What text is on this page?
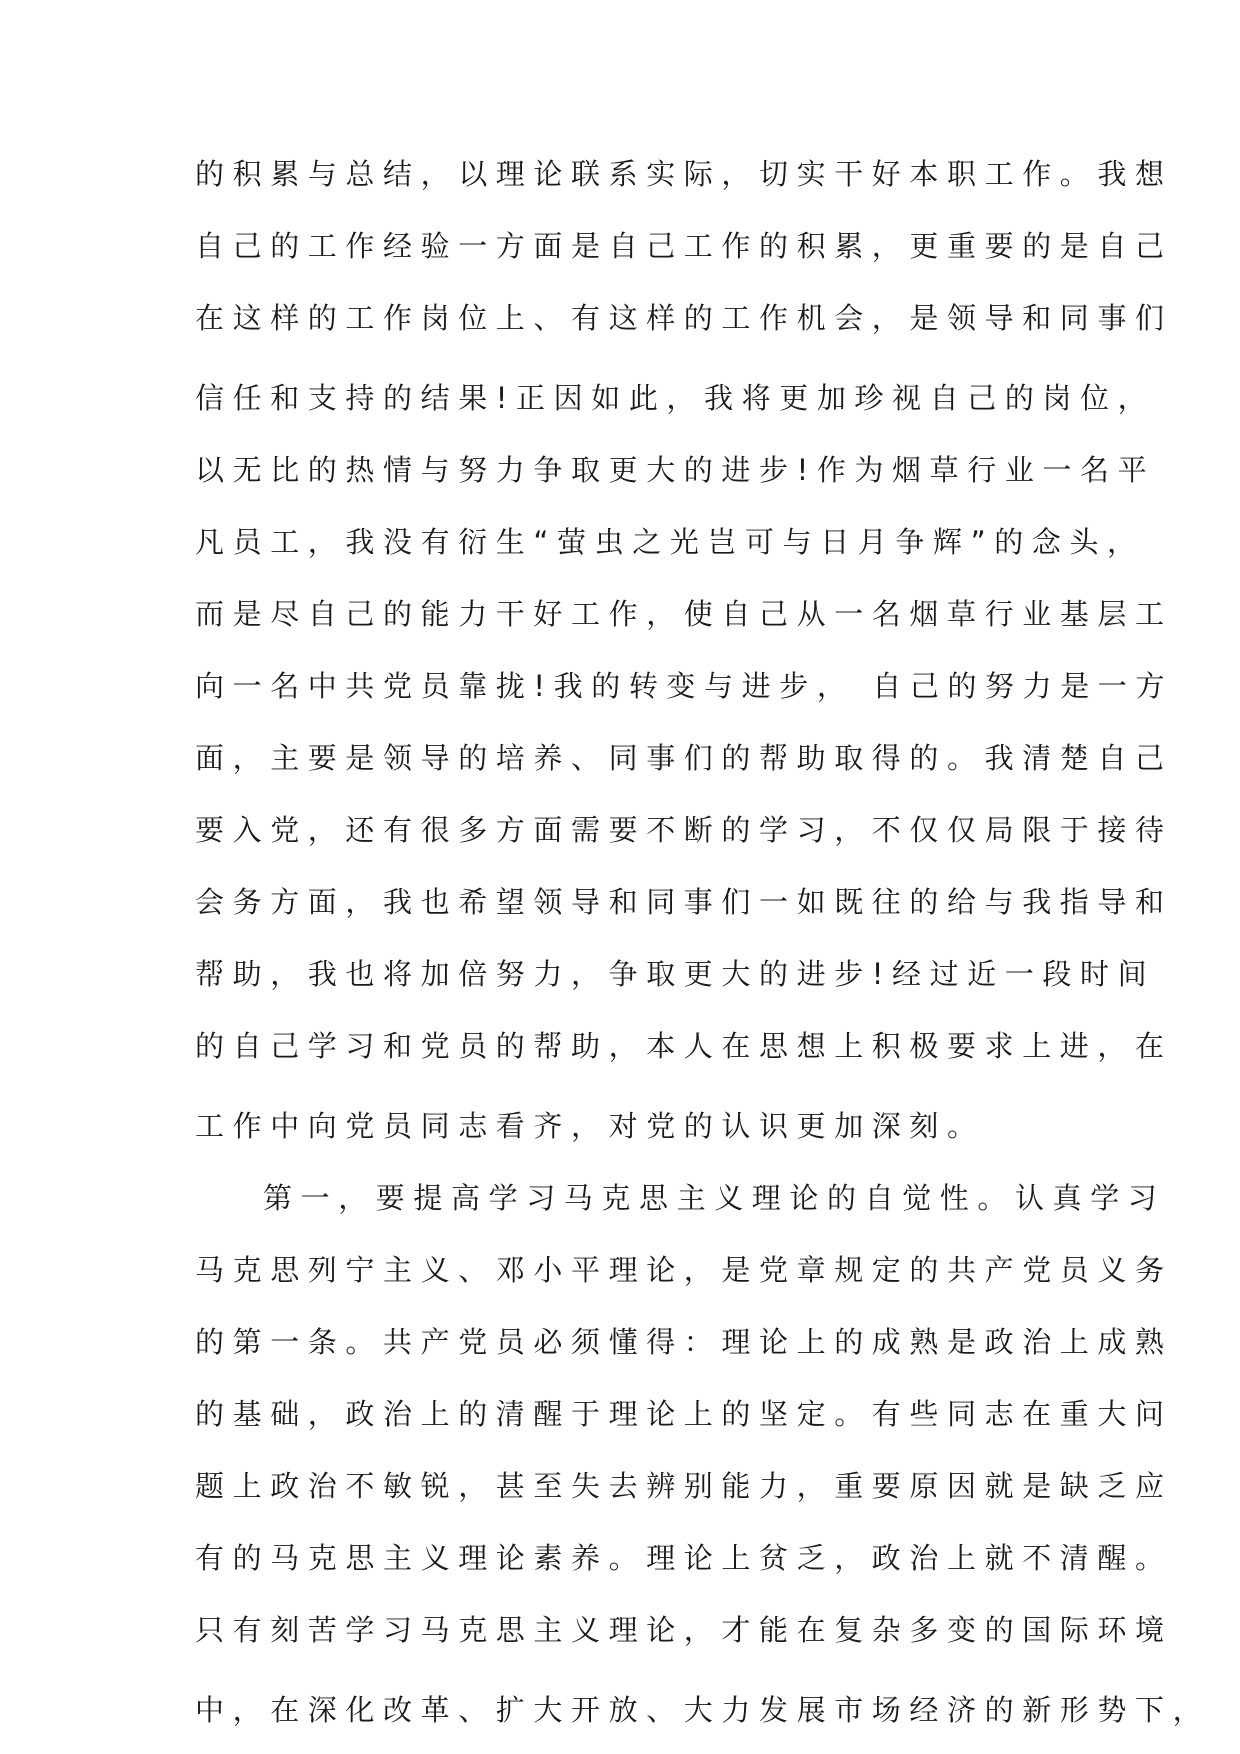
的积累与总结，以理论联系实际，切实干好本职工作。我想
自己的工作经验一方面是自己工作的积累，更重要的是自己
在这样的工作岗位上、有这样的工作机会，是领导和同事们
信任和支持的结果!正因如此，我将更加珍视自己的岗位，
以无比的热情与努力争取更大的进步!作为烟草行业一名平
凡员工，我没有衍生“萤虫之光岂可与日月争辉”的念头，
而是尽自己的能力干好工作，使自己从一名烟草行业基层工
向一名中共党员靠拢!我的转变与进步， 自己的努力是一方
面，主要是领导的培养、同事们的帮助取得的。我清楚自己
要入党，还有很多方面需要不断的学习，不仅仅局限于接待
会务方面，我也希望领导和同事们一如既往的给与我指导和
帮助，我也将加倍努力，争取更大的进步!经过近一段时间
的自己学习和党员的帮助，本人在思想上积极要求上进，在
工作中向党员同志看齐，对党的认识更加深刻。
第一，要提高学习马克思主义理论的自觉性。认真学习
马克思列宁主义、邓小平理论，是党章规定的共产党员义务
的第一条。共产党员必须懂得：理论上的成熟是政治上成熟
的基础，政治上的清醒于理论上的坚定。有些同志在重大问
题上政治不敏锐，甚至失去辨别能力，重要原因就是缺乏应
有的马克思主义理论素养。理论上贫乏，政治上就不清醒。
只有刻苦学习马克思主义理论，才能在复杂多变的国际环境
中，在深化改革、扩大开放、大力发展市场经济的新形势下，
